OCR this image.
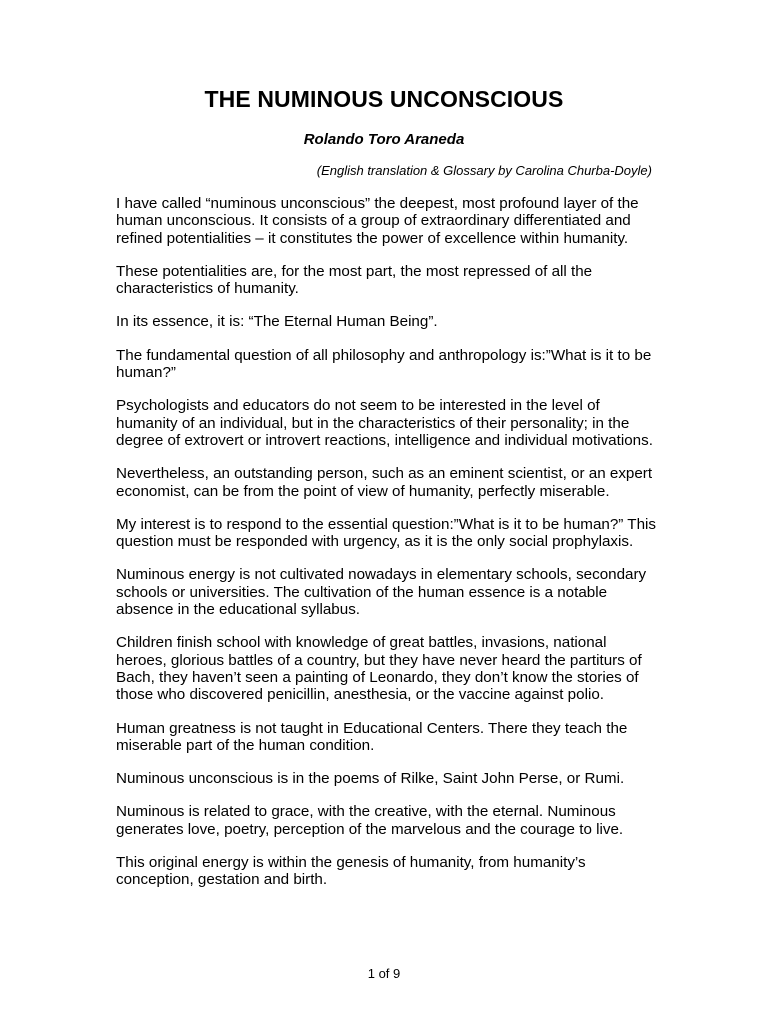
THE NUMINOUS UNCONSCIOUS
Rolando Toro Araneda
(English translation & Glossary by Carolina Churba-Doyle)

I have called “numinous unconscious” the deepest, most profound layer of the human unconscious. It consists of a group of extraordinary differentiated and refined potentialities – it constitutes the power of excellence within humanity.

These potentialities are, for the most part, the most repressed of all the characteristics of humanity.

In its essence, it is: “The Eternal Human Being”.

The fundamental question of all philosophy and anthropology is:”What is it to be human?”

Psychologists and educators do not seem to be interested in the level of humanity of an individual, but in the characteristics of their personality; in the degree of extrovert or introvert reactions, intelligence and individual motivations.

Nevertheless, an outstanding person, such as an eminent scientist, or an expert economist, can be from the point of view of humanity, perfectly miserable.

My interest is to respond to the essential question:”What is it to be human?” This question must be responded with urgency, as it is the only social prophylaxis.

Numinous energy is not cultivated nowadays in elementary schools, secondary schools or universities. The cultivation of the human essence is a notable absence in the educational syllabus.

Children finish school with knowledge of great battles, invasions, national heroes, glorious battles of a country, but they have never heard the partiturs of Bach, they haven’t seen a painting of Leonardo, they don’t know the stories of those who discovered penicillin, anesthesia, or the vaccine against polio.

Human greatness is not taught in Educational Centers. There they teach the miserable part of the human condition.

Numinous unconscious is in the poems of Rilke, Saint John Perse, or Rumi.

Numinous is related to grace, with the creative, with the eternal. Numinous generates love, poetry, perception of the marvelous and the courage to live.

This original energy is within the genesis of humanity, from humanity’s conception, gestation and birth.

1 of 9
